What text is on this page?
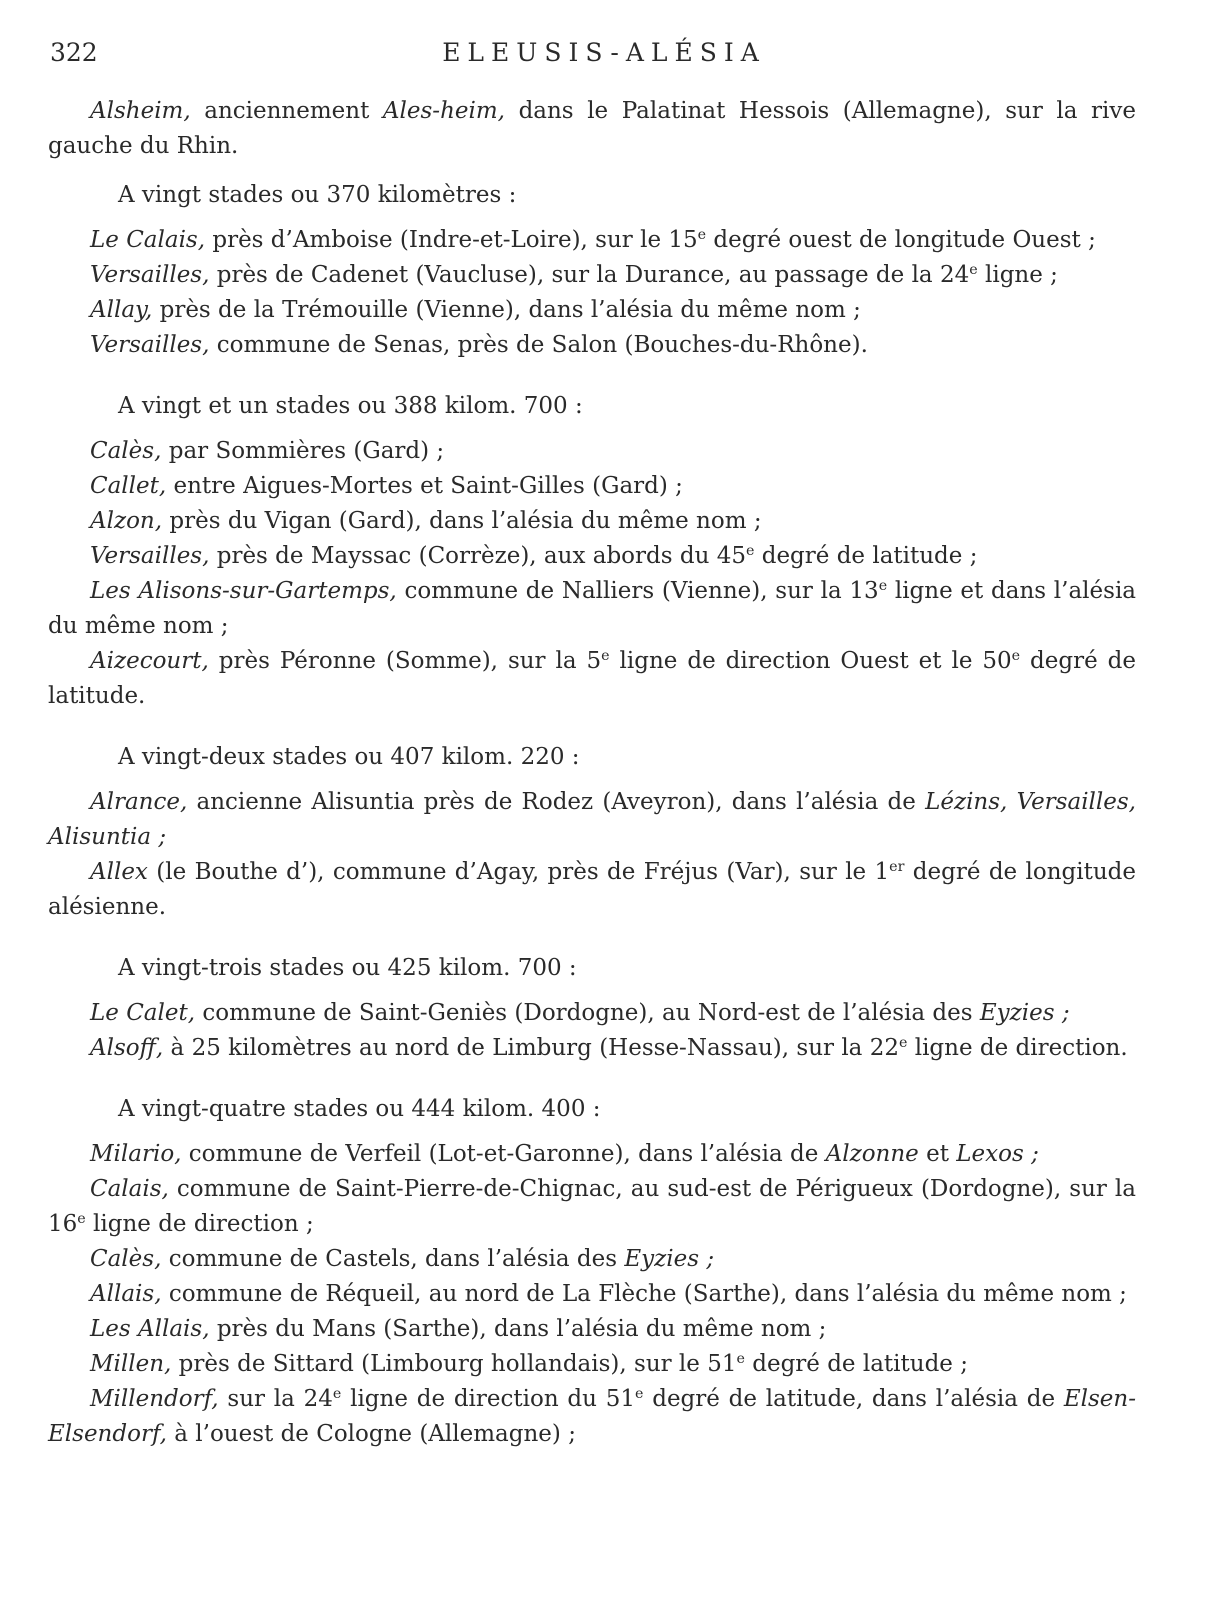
322	ELEUSIS-ALÉSIA

Alsheim, anciennement Ales-heim, dans le Palatinat Hessois (Allemagne), sur la rive gauche du Rhin.

A vingt stades ou 370 kilomètres :

Le Calais, près d’Amboise (Indre-et-Loire), sur le 15e degré ouest de longitude Ouest ;

Versailles, près de Cadenet (Vaucluse), sur la Durance, au passage de la 24e ligne ;

Allay, près de la Trémouille (Vienne), dans l’alésia du même nom ;

Versailles, commune de Senas, près de Salon (Bouches-du-Rhône).

A vingt et un stades ou 388 kilom. 700 :

Calès, par Sommières (Gard) ;

Callet, entre Aigues-Mortes et Saint-Gilles (Gard) ;

Alzon, près du Vigan (Gard), dans l’alésia du même nom ;

Versailles, près de Mayssac (Corrèze), aux abords du 45e degré de latitude ;

Les Alisons-sur-Gartemps, commune de Nalliers (Vienne), sur la 13e ligne et dans l’alésia du même nom ;

Aizecourt, près Péronne (Somme), sur la 5e ligne de direction Ouest et le 50e degré de latitude.

A vingt-deux stades ou 407 kilom. 220 :

Alrance, ancienne Alisuntia près de Rodez (Aveyron), dans l’alésia de Lézins, Versailles, Alisuntia ;

Allex (le Bouthe d’), commune d’Agay, près de Fréjus (Var), sur le 1er degré de longitude alésienne.

A vingt-trois stades ou 425 kilom. 700 :

Le Calet, commune de Saint-Geniès (Dordogne), au Nord-est de l’alésia des Eyzies ;

Alsoff, à 25 kilomètres au nord de Limburg (Hesse-Nassau), sur la 22e ligne de direction.

A vingt-quatre stades ou 444 kilom. 400 :

Milario, commune de Verfeil (Lot-et-Garonne), dans l’alésia de Alzonne et Lexos ;

Calais, commune de Saint-Pierre-de-Chignac, au sud-est de Périgueux (Dordogne), sur la 16e ligne de direction ;

Calès, commune de Castels, dans l’alésia des Eyzies ;

Allais, commune de Réqueil, au nord de La Flèche (Sarthe), dans l’alésia du même nom ;

Les Allais, près du Mans (Sarthe), dans l’alésia du même nom ;

Millen, près de Sittard (Limbourg hollandais), sur le 51e degré de latitude ;

Millendorf, sur la 24e ligne de direction du 51e degré de latitude, dans l’alésia de Elsen-Elsendorf, à l’ouest de Cologne (Allemagne) ;
